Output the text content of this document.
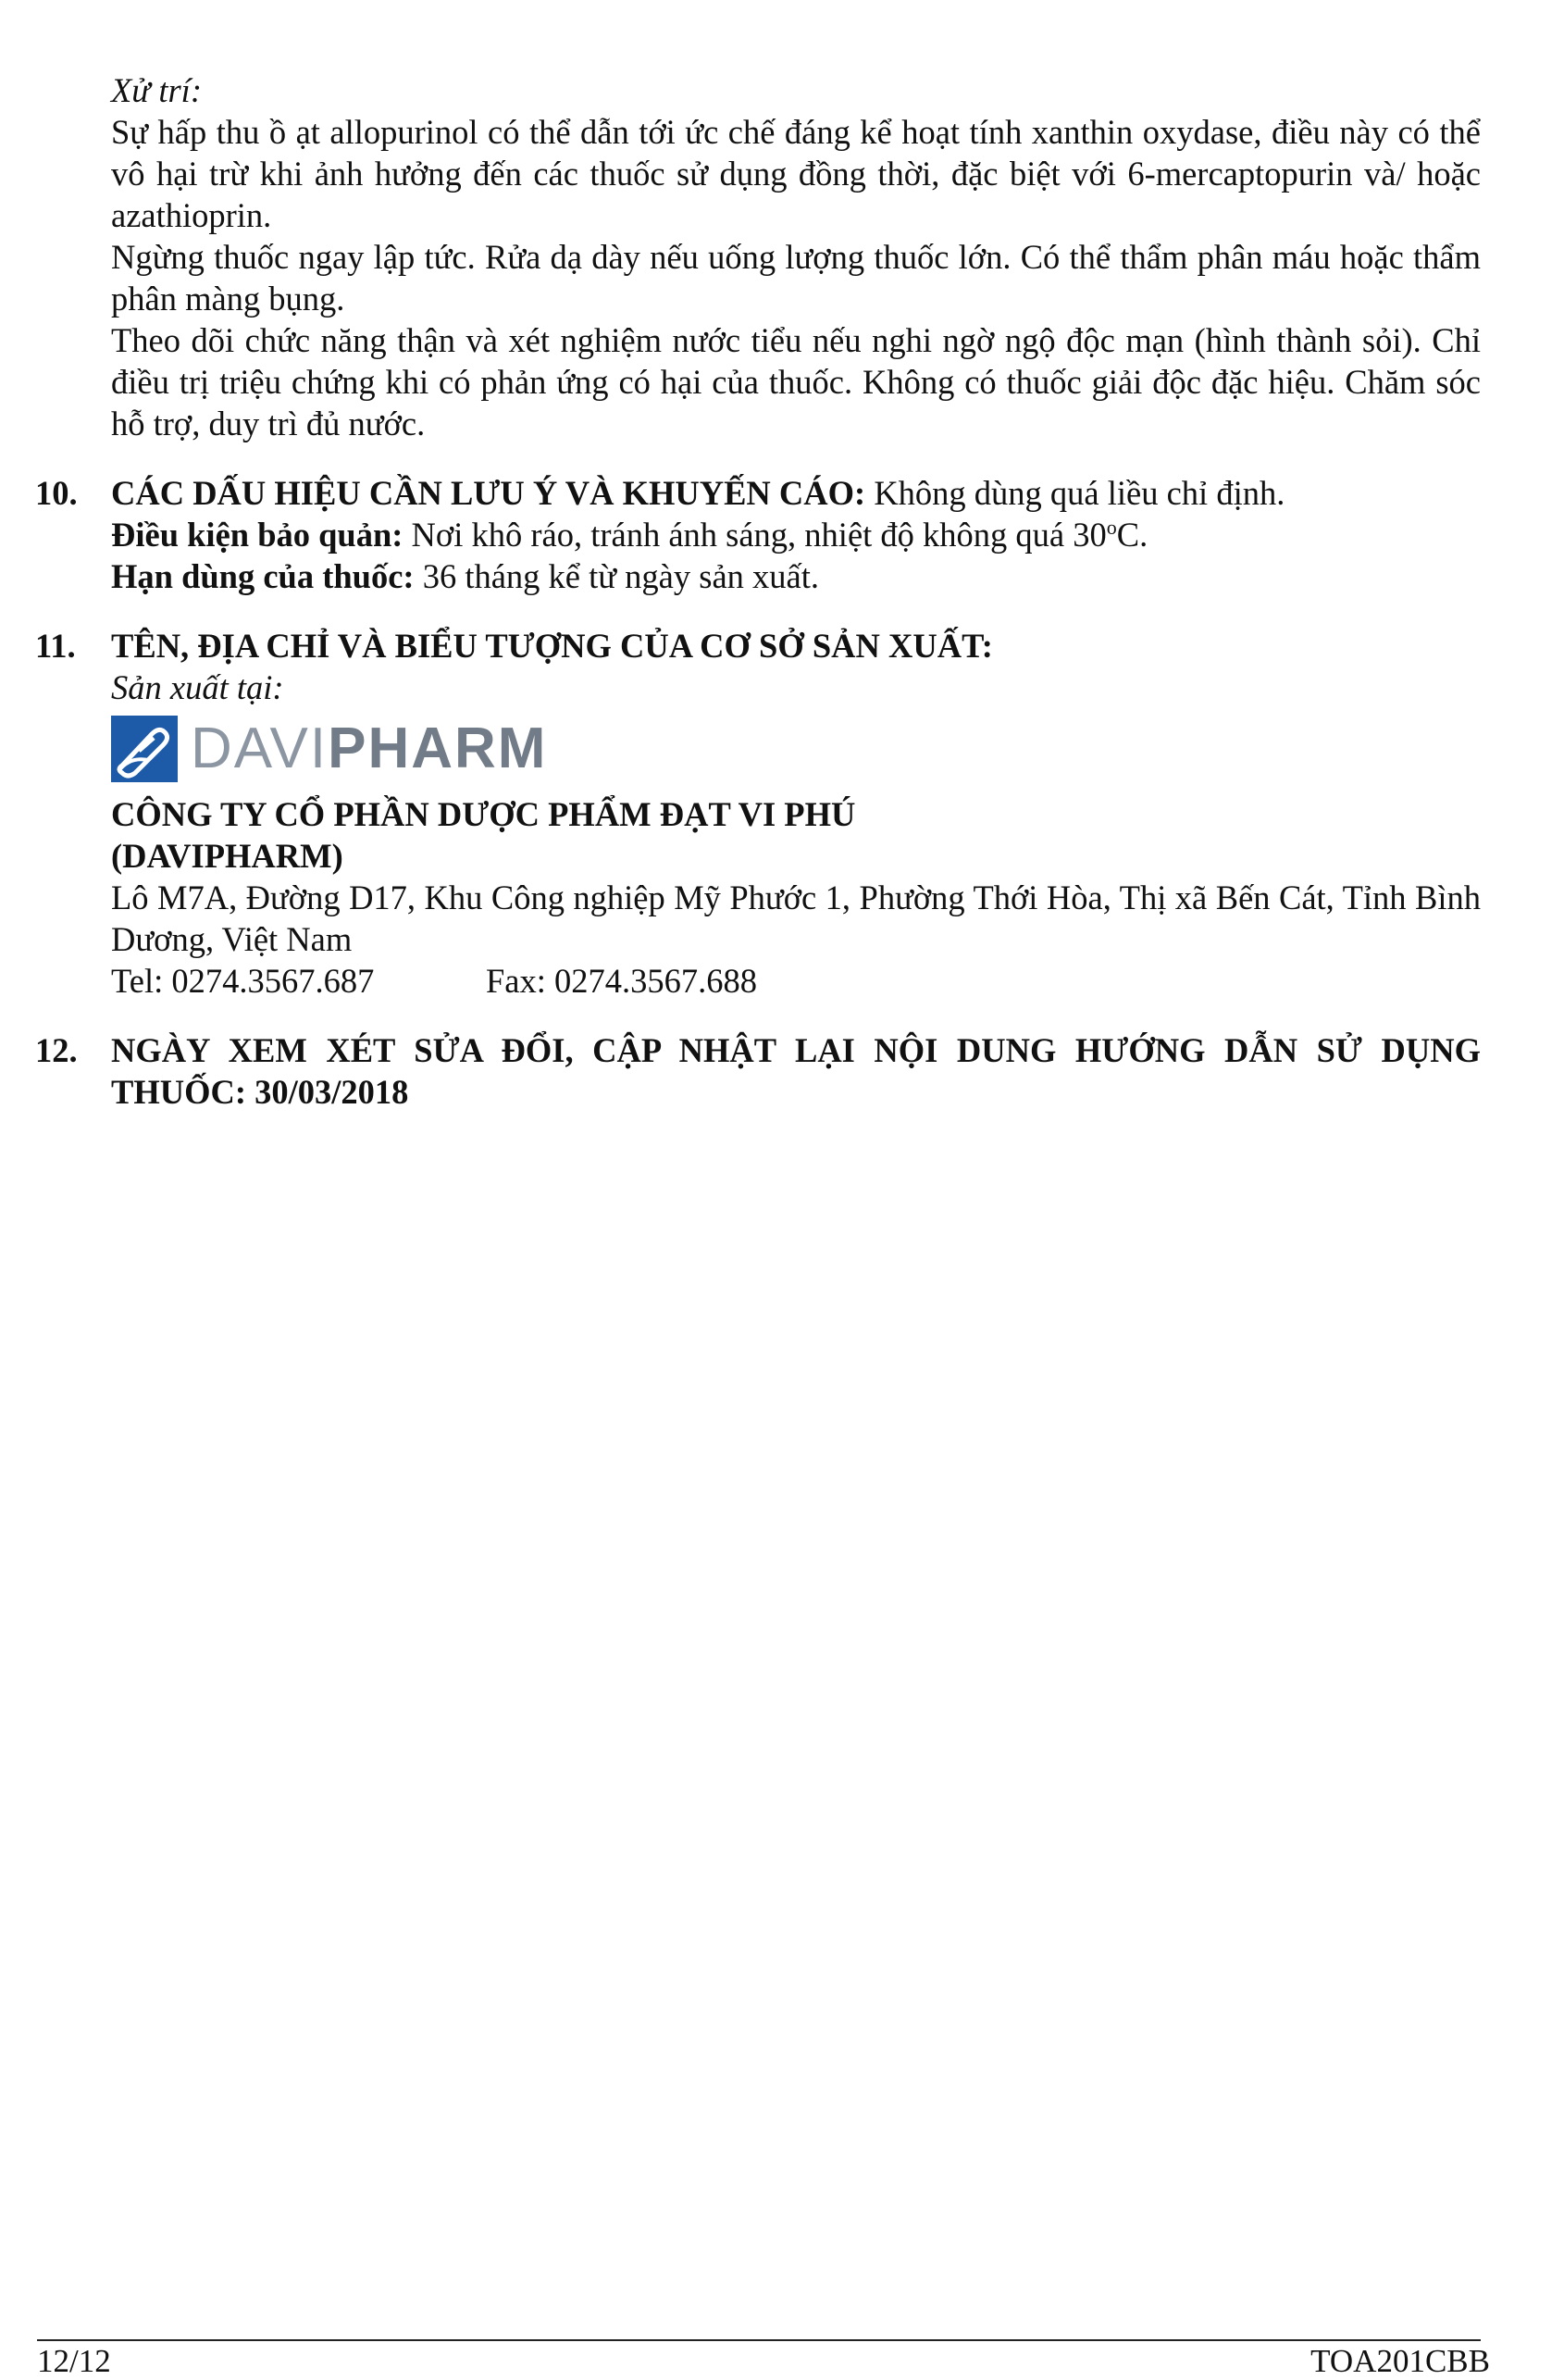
Xử trí:

Sự hấp thu ồ ạt allopurinol có thể dẫn tới ức chế đáng kể hoạt tính xanthin oxydase, điều này có thể vô hại trừ khi ảnh hưởng đến các thuốc sử dụng đồng thời, đặc biệt với 6-mercaptopurin và/ hoặc azathioprin.

Ngừng thuốc ngay lập tức. Rửa dạ dày nếu uống lượng thuốc lớn. Có thể thẩm phân máu hoặc thẩm phân màng bụng.

Theo dõi chức năng thận và xét nghiệm nước tiểu nếu nghi ngờ ngộ độc mạn (hình thành sỏi). Chỉ điều trị triệu chứng khi có phản ứng có hại của thuốc. Không có thuốc giải độc đặc hiệu. Chăm sóc hỗ trợ, duy trì đủ nước.

10. CÁC DẤU HIỆU CẦN LƯU Ý VÀ KHUYẾN CÁO: Không dùng quá liều chỉ định.

Điều kiện bảo quản: Nơi khô ráo, tránh ánh sáng, nhiệt độ không quá 30$^o$C.

Hạn dùng của thuốc: 36 tháng kể từ ngày sản xuất.

11. TÊN, ĐỊA CHỈ VÀ BIỂU TƯỢNG CỦA CƠ SỞ SẢN XUẤT:

Sản xuất tại:

DAVIPHARM

CÔNG TY CỔ PHẦN DƯỢC PHẨM ĐẠT VI PHÚ

(DAVIPHARM)

Lô M7A, Đường D17, Khu Công nghiệp Mỹ Phước 1, Phường Thới Hòa, Thị xã Bến Cát, Tỉnh Bình Dương, Việt Nam

Tel: 0274.3567.687	Fax: 0274.3567.688

12. NGÀY XEM XÉT SỬA ĐỔI, CẬP NHẬT LẠI NỘI DUNG HƯỚNG DẪN SỬ DỤNG THUỐC: 30/03/2018

12/12	TOA201CBB
